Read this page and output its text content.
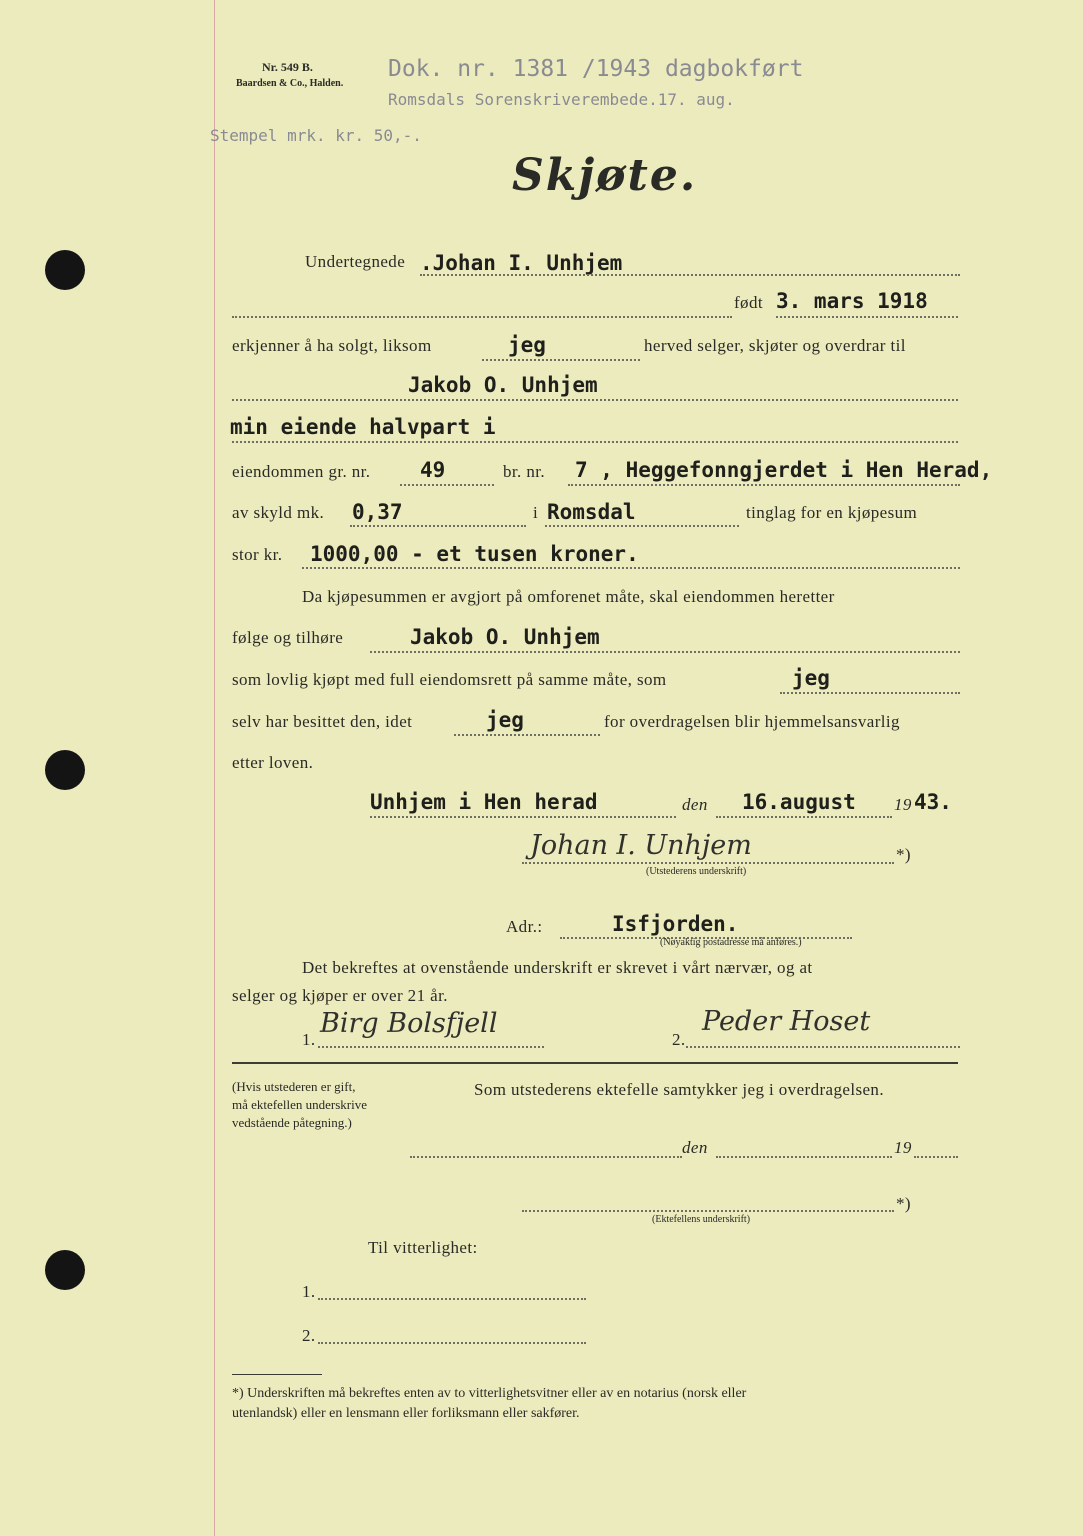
Nr. 549 B.
Baardsen & Co., Halden.
Dok. nr. 1381 /1943 dagbokført
Romsdals Sorenskriverembede.17. aug.
Stempel mrk. kr. 50,-.
Skjøte.
Undertegnede .Johan I. Unhjem
født 3. mars 1918
erkjenner å ha solgt, liksom	jeg	herved selger, skjøter og overdrar til
Jakob O. Unhjem
min eiende halvpart i
eiendommen gr. nr. 49	br. nr. 7 , Heggefonngjerdet i Hen Herad,
av skyld mk. 0,37	i Romsdal	tinglag for en kjøpesum
stor kr. 1000,00 - et tusen kroner.
Da kjøpesummen er avgjort på omforenet måte, skal eiendommen heretter
følge og tilhøre	Jakob O. Unhjem
som lovlig kjøpt med full eiendomsrett på samme måte, som	jeg
selv har besittet den, idet	jeg	for overdragelsen blir hjemmelsansvarlig
etter loven.
Unhjem i Hen herad	den 16.august 19 43.
Johan I. Unhjem	*)
(Utstederens underskrift)
Adr.:	Isfjorden.
(Nøyaktig postadresse må anføres.)
Det bekreftes at ovenstående underskrift er skrevet i vårt nærvær, og at
selger og kjøper er over 21 år.
1.
Birg Bolsfjell
2.
Peder Hoset
(Hvis utstederen er gift,
må ektefellen underskrive
vedstående påtegning.)
Som utstederens ektefelle samtykker jeg i overdragelsen.
den	19
*)
(Ektefellens underskrift)
Til vitterlighet:
1.
2.
*) Underskriften må bekreftes enten av to vitterlighetsvitner eller av en notarius (norsk eller
utenlandsk) eller en lensmann eller forliksmann eller sakfører.
